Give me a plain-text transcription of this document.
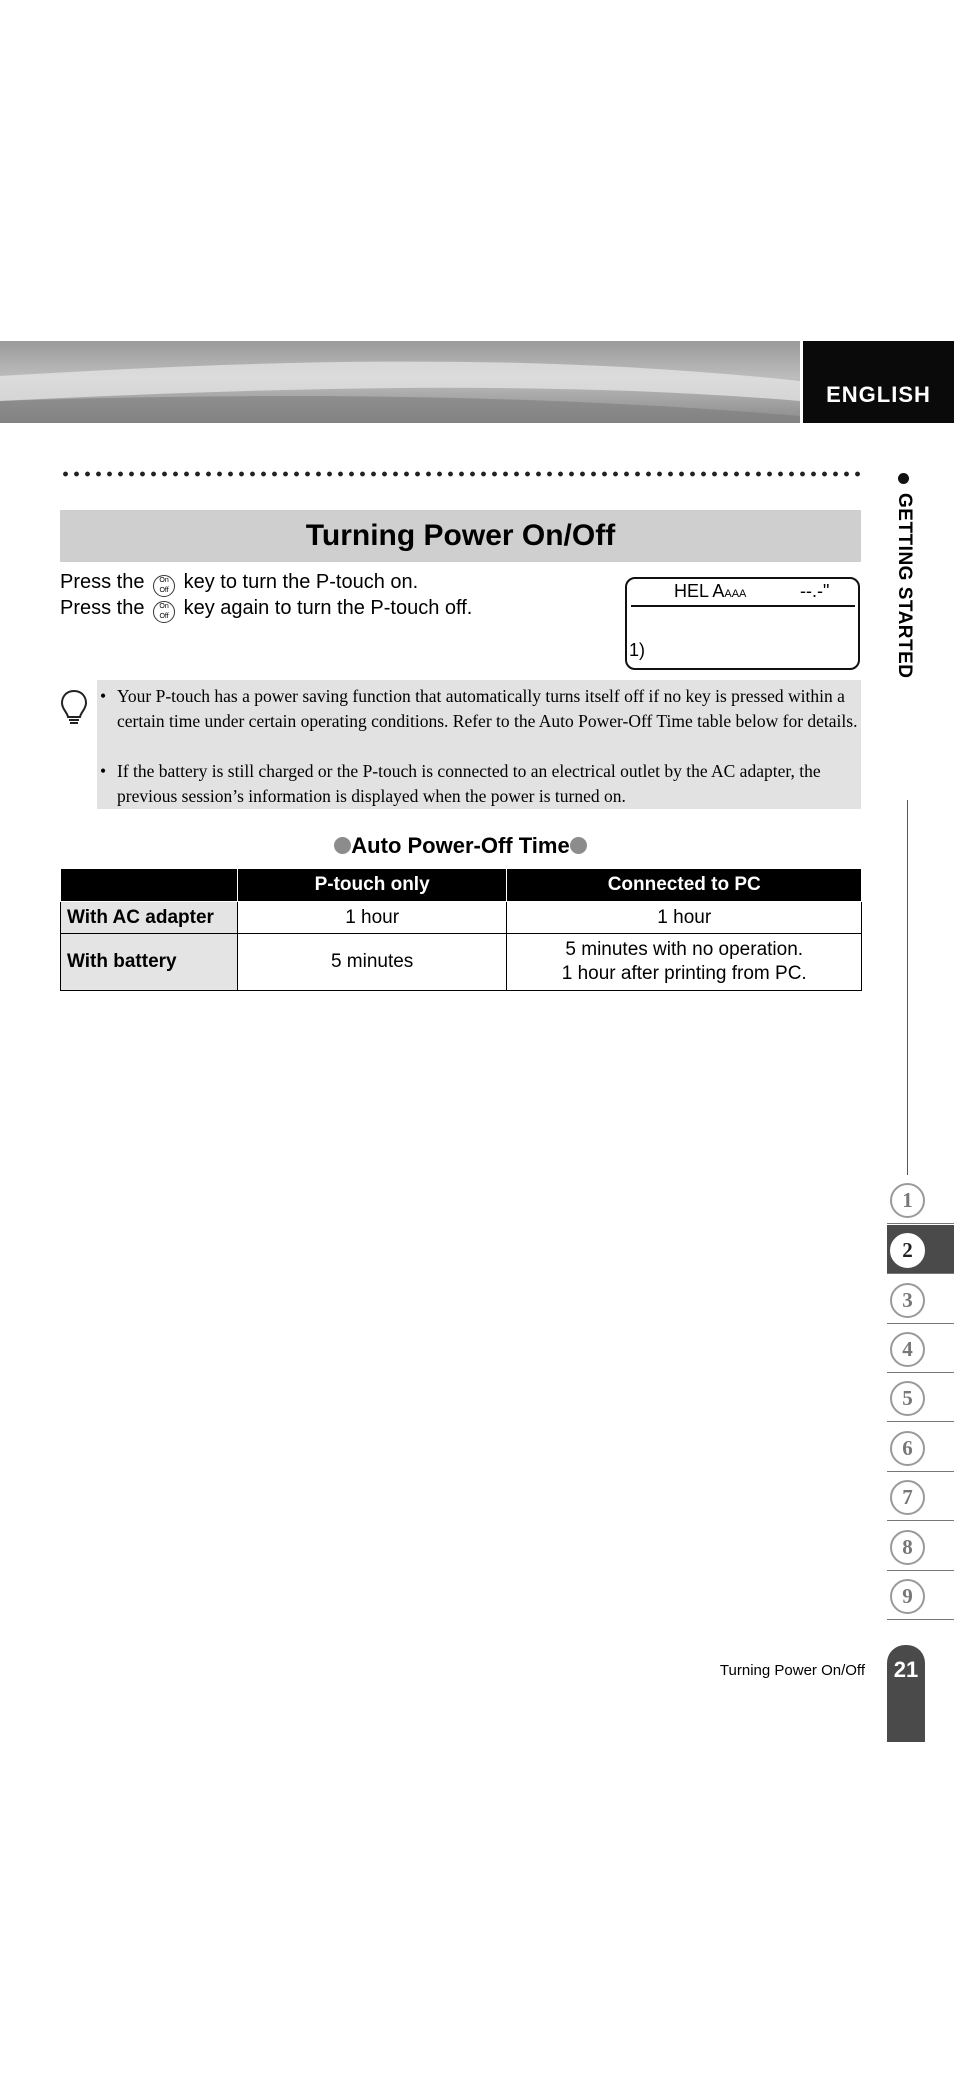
ENGLISH
GETTING STARTED
Turning Power On/Off
Press the On
Off key to turn the P-touch on.
Press the On
Off key again to turn the P-touch off.
HEL AAAA	--.-"
1)
• Your P-touch has a power saving function that automatically turns itself off if no key is pressed within a certain time under certain operating conditions. Refer to the Auto Power-Off Time table below for details.
• If the battery is still charged or the P-touch is connected to an electrical outlet by the AC adapter, the previous session’s information is displayed when the power is turned on.
Auto Power-Off Time
	P-touch only	Connected to PC
With AC adapter	1 hour	1 hour
With battery	5 minutes	5 minutes with no operation.
1 hour after printing from PC.
1
2
3
4
5
6
7
8
9
Turning Power On/Off	21
